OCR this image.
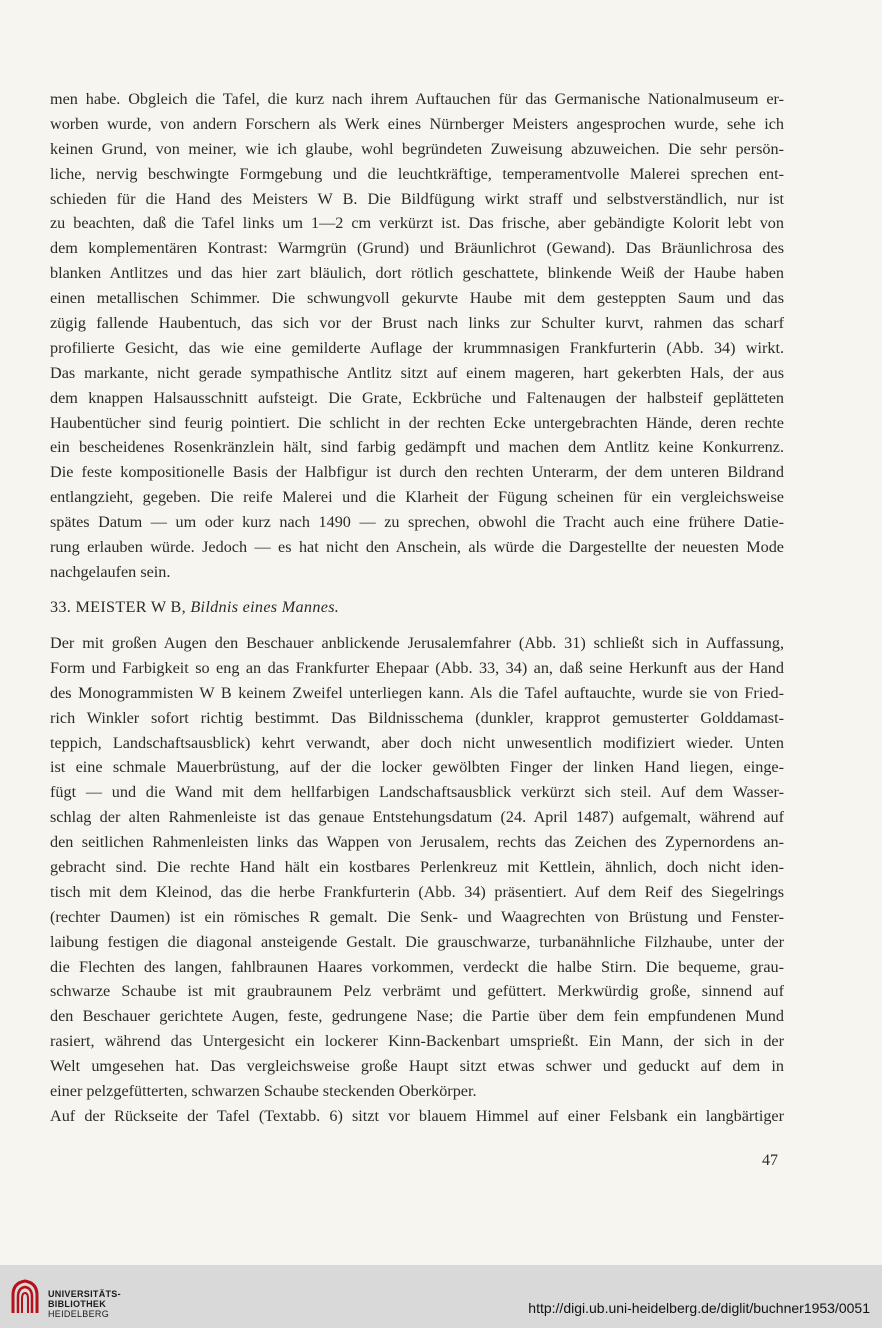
men habe. Obgleich die Tafel, die kurz nach ihrem Auftauchen für das Germanische Nationalmuseum er-
worben wurde, von andern Forschern als Werk eines Nürnberger Meisters angesprochen wurde, sehe ich
keinen Grund, von meiner, wie ich glaube, wohl begründeten Zuweisung abzuweichen. Die sehr persön-
liche, nervig beschwingte Formgebung und die leuchtkräftige, temperamentvolle Malerei sprechen ent-
schieden für die Hand des Meisters W B. Die Bildfügung wirkt straff und selbstverständlich, nur ist
zu beachten, daß die Tafel links um 1—2 cm verkürzt ist. Das frische, aber gebändigte Kolorit lebt von
dem komplementären Kontrast: Warmgrün (Grund) und Bräunlichrot (Gewand). Das Bräunlichrosa des
blanken Antlitzes und das hier zart bläulich, dort rötlich geschattete, blinkende Weiß der Haube haben
einen metallischen Schimmer. Die schwungvoll gekurvte Haube mit dem gesteppten Saum und das
zügig fallende Haubentuch, das sich vor der Brust nach links zur Schulter kurvt, rahmen das scharf
profilierte Gesicht, das wie eine gemilderte Auflage der krummnasigen Frankfurterin (Abb. 34) wirkt.
Das markante, nicht gerade sympathische Antlitz sitzt auf einem mageren, hart gekerbten Hals, der aus
dem knappen Halsausschnitt aufsteigt. Die Grate, Eckbrüche und Faltenaugen der halbsteif geplätteten
Haubentücher sind feurig pointiert. Die schlicht in der rechten Ecke untergebrachten Hände, deren rechte
ein bescheidenes Rosenkränzlein hält, sind farbig gedämpft und machen dem Antlitz keine Konkurrenz.
Die feste kompositionelle Basis der Halbfigur ist durch den rechten Unterarm, der dem unteren Bildrand
entlangzieht, gegeben. Die reife Malerei und die Klarheit der Fügung scheinen für ein vergleichsweise
spätes Datum — um oder kurz nach 1490 — zu sprechen, obwohl die Tracht auch eine frühere Datie-
rung erlauben würde. Jedoch — es hat nicht den Anschein, als würde die Dargestellte der neuesten Mode
nachgelaufen sein.
33. MEISTER W B, Bildnis eines Mannes.
Der mit großen Augen den Beschauer anblickende Jerusalemfahrer (Abb. 31) schließt sich in Auffassung,
Form und Farbigkeit so eng an das Frankfurter Ehepaar (Abb. 33, 34) an, daß seine Herkunft aus der Hand
des Monogrammisten W B keinem Zweifel unterliegen kann. Als die Tafel auftauchte, wurde sie von Fried-
rich Winkler sofort richtig bestimmt. Das Bildnisschema (dunkler, krapprot gemusterter Golddamast-
teppich, Landschaftsausblick) kehrt verwandt, aber doch nicht unwesentlich modifiziert wieder. Unten
ist eine schmale Mauerbrüstung, auf der die locker gewölbten Finger der linken Hand liegen, einge-
fügt — und die Wand mit dem hellfarbigen Landschaftsausblick verkürzt sich steil. Auf dem Wasser-
schlag der alten Rahmenleiste ist das genaue Entstehungsdatum (24. April 1487) aufgemalt, während auf
den seitlichen Rahmenleisten links das Wappen von Jerusalem, rechts das Zeichen des Zypernordens an-
gebracht sind. Die rechte Hand hält ein kostbares Perlenkreuz mit Kettlein, ähnlich, doch nicht iden-
tisch mit dem Kleinod, das die herbe Frankfurterin (Abb. 34) präsentiert. Auf dem Reif des Siegelrings
(rechter Daumen) ist ein römisches R gemalt. Die Senk- und Waagrechten von Brüstung und Fenster-
laibung festigen die diagonal ansteigende Gestalt. Die grauschwarze, turbanähnliche Filzhaube, unter der
die Flechten des langen, fahlbraunen Haares vorkommen, verdeckt die halbe Stirn. Die bequeme, grau-
schwarze Schaube ist mit graubraunem Pelz verbrämt und gefüttert. Merkwürdig große, sinnend auf
den Beschauer gerichtete Augen, feste, gedrungene Nase; die Partie über dem fein empfundenen Mund
rasiert, während das Untergesicht ein lockerer Kinn-Backenbart umsprießt. Ein Mann, der sich in der
Welt umgesehen hat. Das vergleichsweise große Haupt sitzt etwas schwer und geduckt auf dem in
einer pelzgefütterten, schwarzen Schaube steckenden Oberkörper.
Auf der Rückseite der Tafel (Textabb. 6) sitzt vor blauem Himmel auf einer Felsbank ein langbärtiger
47
UNIVERSITÄTS-
BIBLIOTHEK
HEIDELBERG	http://digi.ub.uni-heidelberg.de/diglit/buchner1953/0051
